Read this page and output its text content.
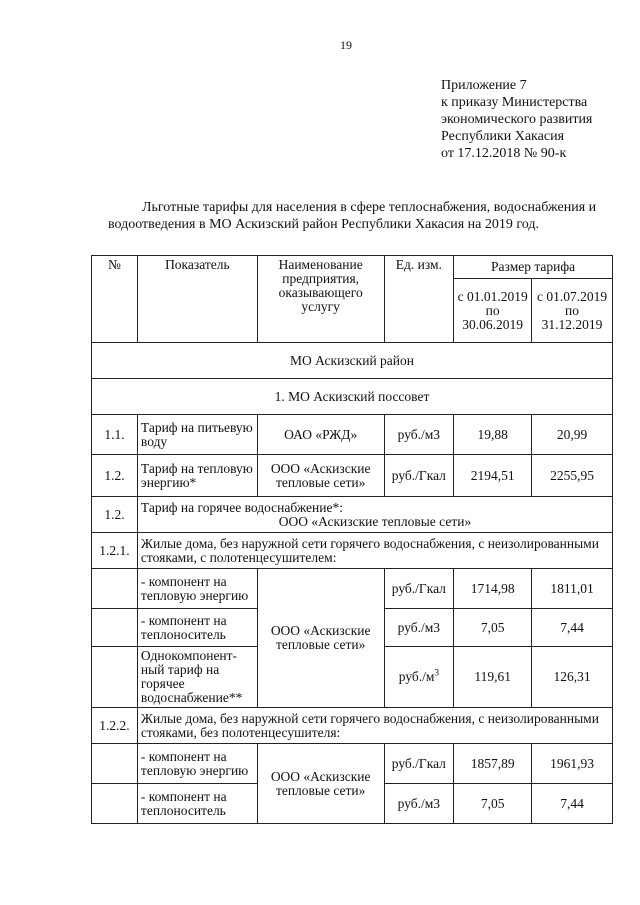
19
Приложение 7
к приказу Министерства
экономического развития
Республики Хакасия
от 17.12.2018 № 90-к
Льготные тарифы для населения в сфере теплоснабжения, водоснабжения и водоотведения в МО Аскизский район Республики Хакасия на 2019 год.
№	Показатель	Наименование предприятия, оказывающего услугу	Ед. изм.	Размер тарифа	
				с 01.01.2019 по 30.06.2019	с 01.07.2019 по 31.12.2019
МО Аскизский район					
1. МО Аскизский поссовет					
1.1.	Тариф на питьевую воду	ОАО «РЖД»	руб./м3	19,88	20,99
1.2.	Тариф на тепловую энергию*	ООО «Аскизские тепловые сети»	руб./Гкал	2194,51	2255,95
1.2.	Тариф на горячее водоснабжение*:
ООО «Аскизские тепловые сети»				

1.2.1.	Жилые дома, без наружной сети горячего водоснабжения, с неизолированными стояками, с полотенцесушителем:				
	- компонент на тепловую энергию	ООО «Аскизские тепловые сети»	руб./Гкал	1714,98	1811,01
	- компонент на теплоноситель		руб./м3	7,05	7,44
	Однокомпонент-ный тариф на горячее водоснабжение**		$руб./м^3$	119,61	126,31
1.2.2.	Жилые дома, без наружной сети горячего водоснабжения, с неизолированными стояками, без полотенцесушителя:				
	- компонент на тепловую энергию	ООО «Аскизские тепловые сети»	руб./Гкал	1857,89	1961,93
	- компонент на теплоноситель		руб./м3	7,05	7,44
